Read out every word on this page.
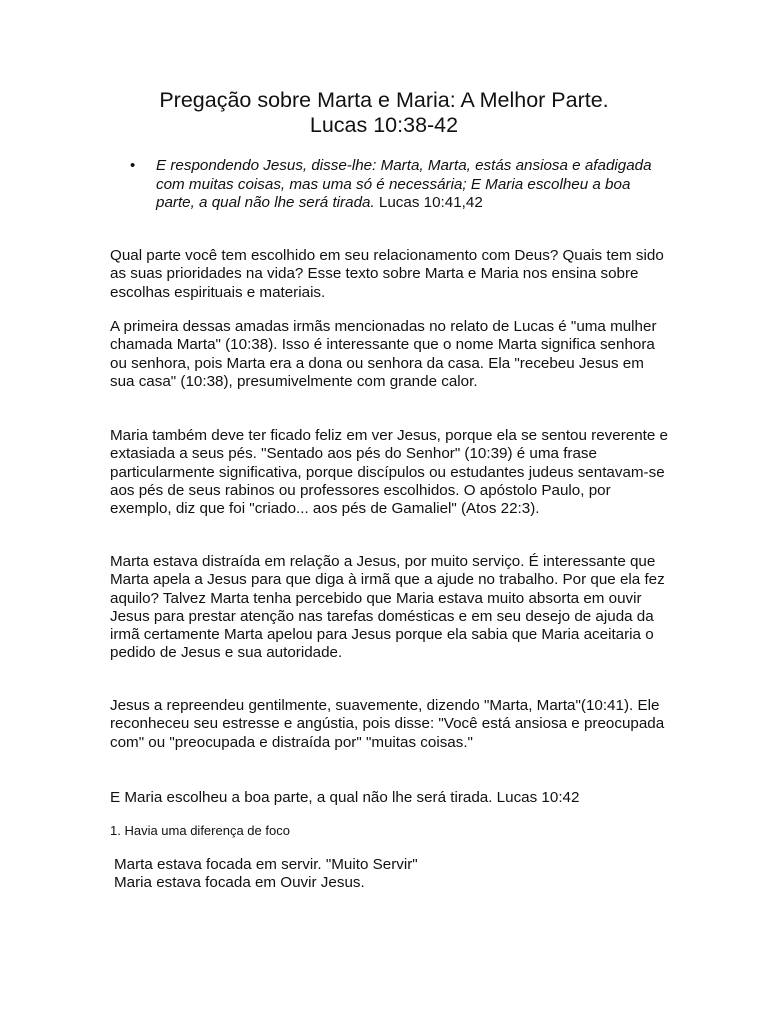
Pregação sobre Marta e Maria: A Melhor Parte.
Lucas 10:38-42
•	E respondendo Jesus, disse-lhe: Marta, Marta, estás ansiosa e afadigada com muitas coisas, mas uma só é necessária; E Maria escolheu a boa parte, a qual não lhe será tirada. Lucas 10:41,42

Qual parte você tem escolhido em seu relacionamento com Deus? Quais tem sido as suas prioridades na vida? Esse texto sobre Marta e Maria nos ensina sobre escolhas espirituais e materiais.

A primeira dessas amadas irmãs mencionadas no relato de Lucas é "uma mulher chamada Marta" (10:38). Isso é interessante que o nome Marta significa senhora ou senhora, pois Marta era a dona ou senhora da casa. Ela "recebeu Jesus em sua casa" (10:38), presumivelmente com grande calor.

Maria também deve ter ficado feliz em ver Jesus, porque ela se sentou reverente e extasiada a seus pés. "Sentado aos pés do Senhor" (10:39) é uma frase particularmente significativa, porque discípulos ou estudantes judeus sentavam-se aos pés de seus rabinos ou professores escolhidos. O apóstolo Paulo, por exemplo, diz que foi "criado... aos pés de Gamaliel" (Atos 22:3).

Marta estava distraída em relação a Jesus, por muito serviço. É interessante que Marta apela a Jesus para que diga à irmã que a ajude no trabalho. Por que ela fez aquilo? Talvez Marta tenha percebido que Maria estava muito absorta em ouvir Jesus para prestar atenção nas tarefas domésticas e em seu desejo de ajuda da irmã certamente Marta apelou para Jesus porque ela sabia que Maria aceitaria o pedido de Jesus e sua autoridade.

Jesus a repreendeu gentilmente, suavemente, dizendo "Marta, Marta"(10:41). Ele reconheceu seu estresse e angústia, pois disse: "Você está ansiosa e preocupada com" ou "preocupada e distraída por" "muitas coisas."

E Maria escolheu a boa parte, a qual não lhe será tirada. Lucas 10:42

1. Havia uma diferença de foco

Marta estava focada em servir. "Muito Servir"
Maria estava focada em Ouvir Jesus.
